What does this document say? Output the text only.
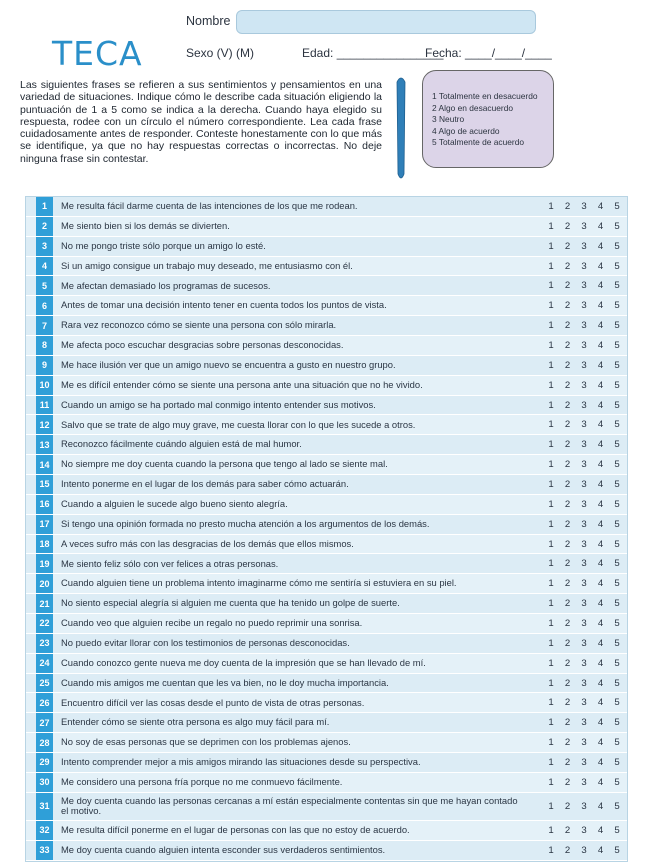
TECA
Nombre
Sexo (V) (M)	Edad: ________________
Fecha: ____/____/____
Las siguientes frases se refieren a sus sentimientos y pensamientos en una variedad de situaciones. Indique cómo le describe cada situación eligiendo la puntuación de 1 a 5 como se indica a la derecha. Cuando haya elegido su respuesta, rodee con un círculo el número correspondiente. Lea cada frase cuidadosamente antes de responder. Conteste honestamente con lo que más se identifique, ya que no hay respuestas correctas o incorrectas. No deje ninguna frase sin contestar.
1 Totalmente en desacuerdo
2 Algo en desacuerdo
3 Neutro
4 Algo de acuerdo
5 Totalmente de acuerdo
1	Me resulta fácil darme cuenta de las intenciones de los que me rodean.	1	2	3	4	5
2	Me siento bien si los demás se divierten.	1	2	3	4	5
3	No me pongo triste sólo porque un amigo lo esté.	1	2	3	4	5
4	Si un amigo consigue un trabajo muy deseado, me entusiasmo con él.	1	2	3	4	5
5	Me afectan demasiado los programas de sucesos.	1	2	3	4	5
6	Antes de tomar una decisión intento tener en cuenta todos los puntos de vista.	1	2	3	4	5
7	Rara vez reconozco cómo se siente una persona con sólo mirarla.	1	2	3	4	5
8	Me afecta poco escuchar desgracias sobre personas desconocidas.	1	2	3	4	5
9	Me hace ilusión ver que un amigo nuevo se encuentra a gusto en nuestro grupo.	1	2	3	4	5
10	Me es difícil entender cómo se siente una persona ante una situación que no he vivido.	1	2	3	4	5
11	Cuando un amigo se ha portado mal conmigo intento entender sus motivos.	1	2	3	4	5
12	Salvo que se trate de algo muy grave, me cuesta llorar con lo que les sucede a otros.	1	2	3	4	5
13	Reconozco fácilmente cuándo alguien está de mal humor.	1	2	3	4	5
14	No siempre me doy cuenta cuando la persona que tengo al lado se siente mal.	1	2	3	4	5
15	Intento ponerme en el lugar de los demás para saber cómo actuarán.	1	2	3	4	5
16	Cuando a alguien le sucede algo bueno siento alegría.	1	2	3	4	5
17	Si tengo una opinión formada no presto mucha atención a los argumentos de los demás.	1	2	3	4	5
18	A veces sufro más con las desgracias de los demás que ellos mismos.	1	2	3	4	5
19	Me siento feliz sólo con ver felices a otras personas.	1	2	3	4	5
20	Cuando alguien tiene un problema intento imaginarme cómo me sentiría si estuviera en su piel.	1	2	3	4	5
21	No siento especial alegría si alguien me cuenta que ha tenido un golpe de suerte.	1	2	3	4	5
22	Cuando veo que alguien recibe un regalo no puedo reprimir una sonrisa.	1	2	3	4	5
23	No puedo evitar llorar con los testimonios de personas desconocidas.	1	2	3	4	5
24	Cuando conozco gente nueva me doy cuenta de la impresión que se han llevado de mí.	1	2	3	4	5
25	Cuando mis amigos me cuentan que les va bien, no le doy mucha importancia.	1	2	3	4	5
26	Encuentro difícil ver las cosas desde el punto de vista de otras personas.	1	2	3	4	5
27	Entender cómo se siente otra persona es algo muy fácil para mí.	1	2	3	4	5
28	No soy de esas personas que se deprimen con los problemas ajenos.	1	2	3	4	5
29	Intento comprender mejor a mis amigos mirando las situaciones desde su perspectiva.	1	2	3	4	5
30	Me considero una persona fría porque no me conmuevo fácilmente.	1	2	3	4	5
31
Me doy cuenta cuando las personas cercanas a mí están especialmente contentas sin que me hayan contado el motivo.	1	2	3	4	5
32	Me resulta difícil ponerme en el lugar de personas con las que no estoy de acuerdo.	1	2	3	4	5
33	Me doy cuenta cuando alguien intenta esconder sus verdaderos sentimientos.	1	2	3	4	5
